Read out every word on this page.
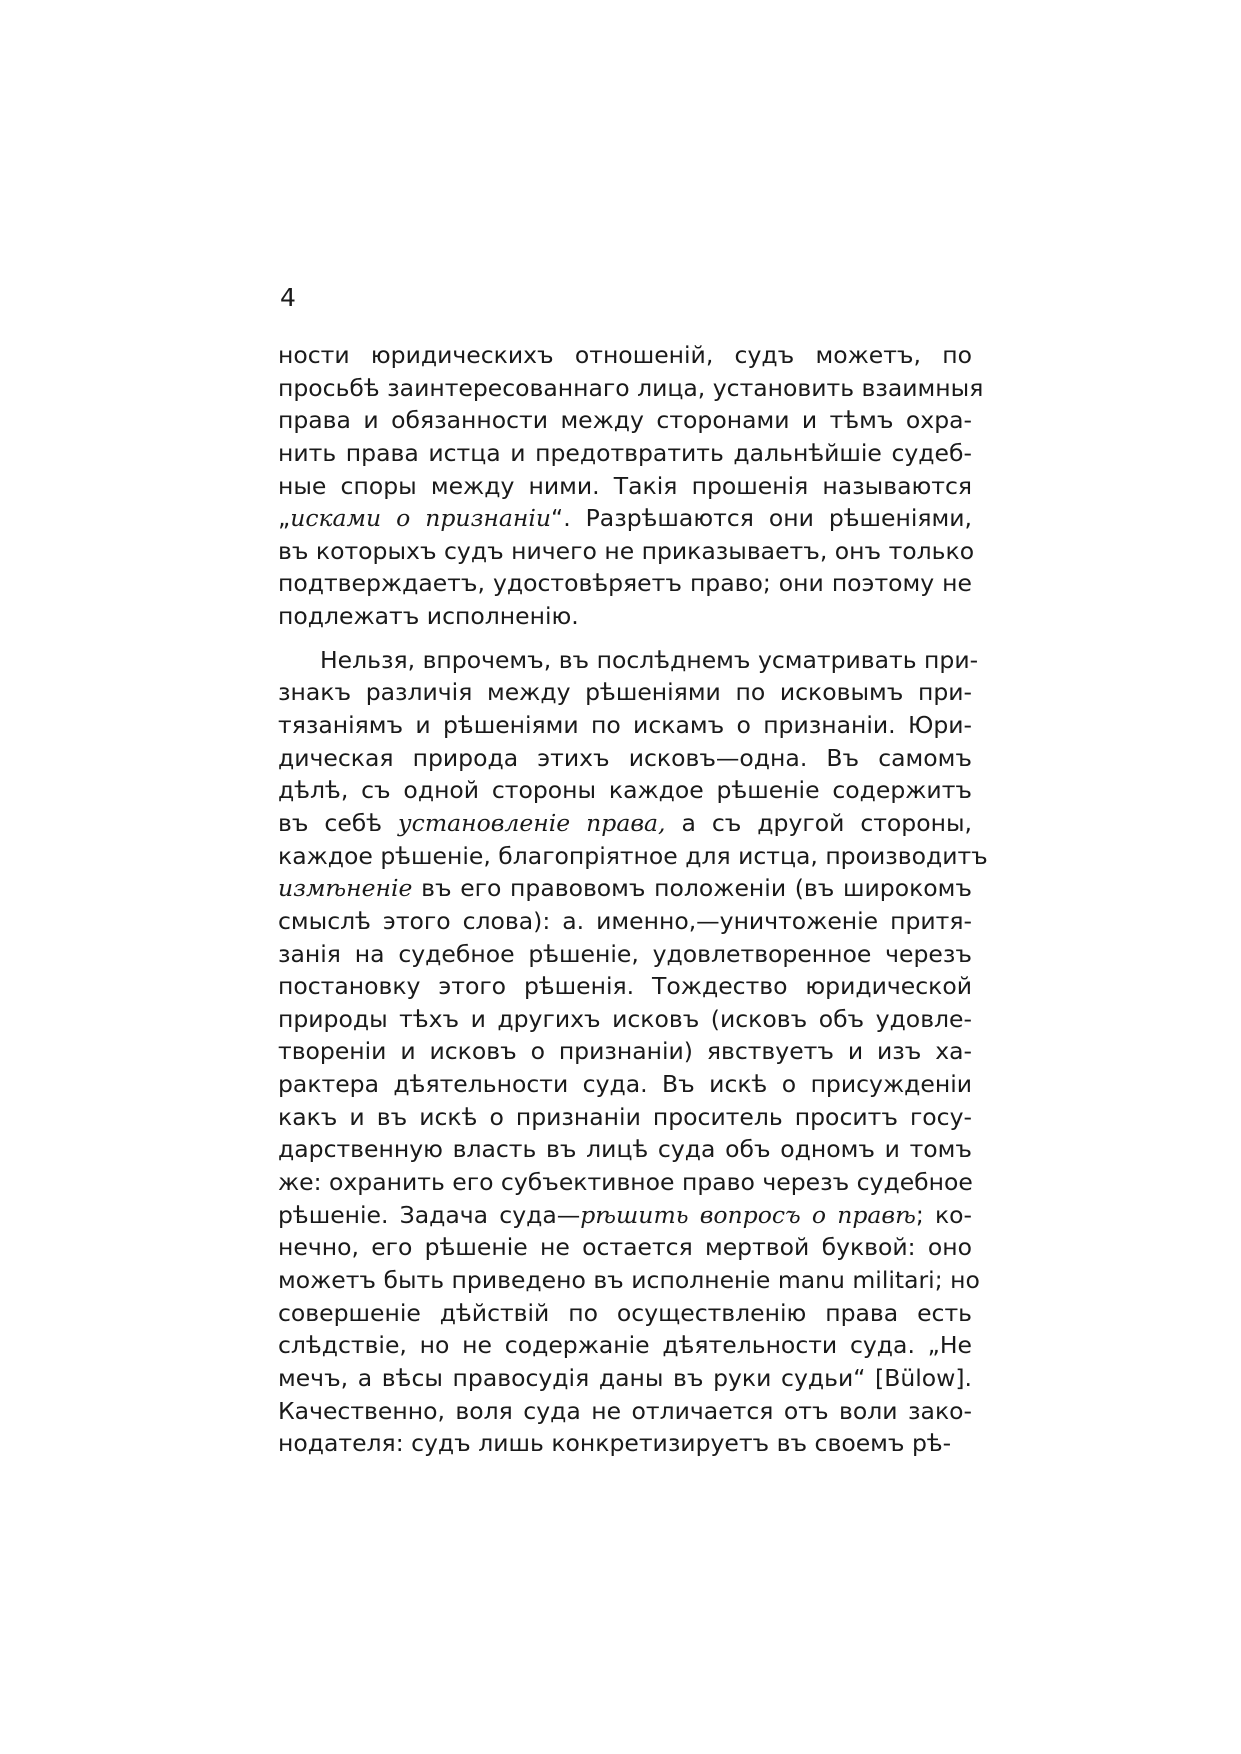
4
ности юридическихъ отношеній, судъ можетъ, по
просьбѣ заинтересованнаго лица, установить взаимныя
права и обязанности между сторонами и тѣмъ охра-
нить права истца и предотвратить дальнѣйшіе судеб-
ные споры между ними. Такія прошенія называются
„исками о признаніи“. Разрѣшаются они рѣшеніями,
въ которыхъ судъ ничего не приказываетъ, онъ только
подтверждаетъ, удостовѣряетъ право; они поэтому не
подлежатъ исполненію.
Нельзя, впрочемъ, въ послѣднемъ усматривать при-
знакъ различія между рѣшеніями по исковымъ при-
тязаніямъ и рѣшеніями по искамъ о признаніи. Юри-
дическая природа этихъ исковъ—одна. Въ самомъ
дѣлѣ, съ одной стороны каждое рѣшеніе содержитъ
въ себѣ установленіе права, а съ другой стороны,
каждое рѣшеніе, благопріятное для истца, производитъ
измѣненіе въ его правовомъ положеніи (въ широкомъ
смыслѣ этого слова): а. именно,—уничтоженіе притя-
занія на судебное рѣшеніе, удовлетворенное черезъ
постановку этого рѣшенія. Тождество юридической
природы тѣхъ и другихъ исковъ (исковъ объ удовле-
твореніи и исковъ о признаніи) явствуетъ и изъ ха-
рактера дѣятельности суда. Въ искѣ о присужденіи
какъ и въ искѣ о признаніи проситель проситъ госу-
дарственную власть въ лицѣ суда объ одномъ и томъ
же: охранить его субъективное право черезъ судебное
рѣшеніе. Задача суда—рѣшить вопросъ о правѣ; ко-
нечно, его рѣшеніе не остается мертвой буквой: оно
можетъ быть приведено въ исполненіе manu militari; но
совершеніе дѣйствій по осуществленію права есть
слѣдствіе, но не содержаніе дѣятельности суда. „Не
мечъ, а вѣсы правосудія даны въ руки судьи“ [Bülow].
Качественно, воля суда не отличается отъ воли зако-
нодателя: судъ лишь конкретизируетъ въ своемъ рѣ-
